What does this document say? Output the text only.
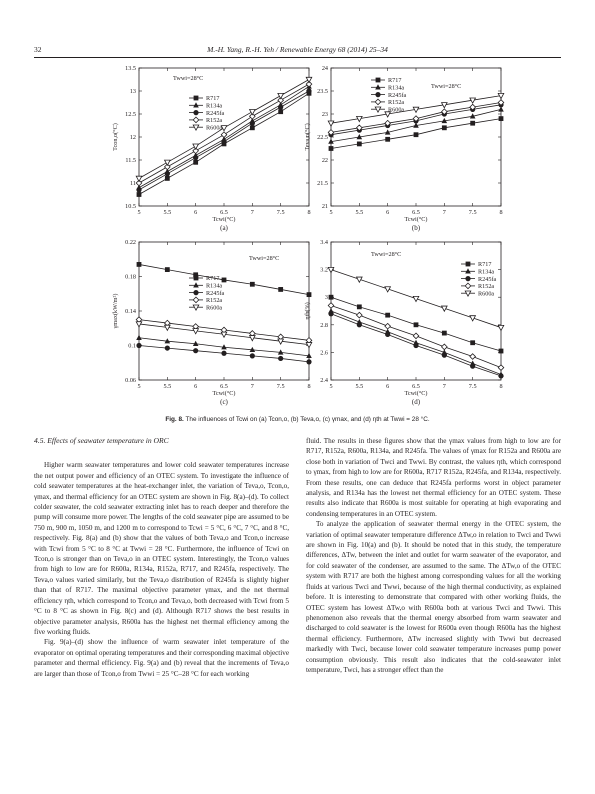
32	M.-H. Yang, R.-H. Yeh / Renewable Energy 68 (2014) 25–34
5	5.5	6	6.5	7	7.5	8
10.5
11
11.5
12
12.5
13
13.5
Tcwi(°C)
(a)
Tcon,o(°C)
R717
R134a
R245fa
R152a
R600a
Twwi=28°C
5	5.5	6	6.5	7	7.5	8
21
21.5
22
22.5
23
23.5
24
Tcwi(°C)
(b)
Teva,o(°C)
R717
R134a
R245fa
R152a
R600a
Twwi=28°C
5	5.5	6	6.5	7	7.5	8
0.06
0.1
0.14
0.18
0.22
Tcwi(°C)
(c)
γmax(kW/m²)
R717
R134a
R245fa
R152a
R600a
Twwi=28°C
5	5.5	6	6.5	7	7.5	8
2.4
2.6
2.8
3
3.2
3.4
Tcwi(°C)
(d)
ηth(%)
R717
R134a
R245fa
R152a
R600a
Twwi=28°C
Fig. 8. The influences of Tcwi on (a) Tcon,o, (b) Teva,o, (c) γmax, and (d) ηth at Twwi = 28 °C.
4.5. Effects of seawater temperature in ORC

Higher warm seawater temperatures and lower cold seawater temperatures increase the net output power and efficiency of an OTEC system. To investigate the influence of cold seawater temperatures at the heat-exchanger inlet, the variation of Teva,o, Tcon,o, γmax, and thermal efficiency for an OTEC system are shown in Fig. 8(a)–(d). To collect colder seawater, the cold seawater extracting inlet has to reach deeper and therefore the pump will consume more power. The lengths of the cold seawater pipe are assumed to be 750 m, 900 m, 1050 m, and 1200 m to correspond to Tcwi = 5 °C, 6 °C, 7 °C, and 8 °C, respectively. Fig. 8(a) and (b) show that the values of both Teva,o and Tcon,o increase with Tcwi from 5 °C to 8 °C at Twwi = 28 °C. Furthermore, the influence of Tcwi on Tcon,o is stronger than on Teva,o in an OTEC system. Interestingly, the Tcon,o values from high to low are for R600a, R134a, R152a, R717, and R245fa, respectively. The Teva,o values varied similarly, but the Teva,o distribution of R245fa is slightly higher than that of R717. The maximal objective parameter γmax, and the net thermal efficiency ηth, which correspond to Tcon,o and Teva,o, both decreased with Tcwi from 5 °C to 8 °C as shown in Fig. 8(c) and (d). Although R717 shows the best results in objective parameter analysis, R600a has the highest net thermal efficiency among the five working fluids.

Fig. 9(a)–(d) show the influence of warm seawater inlet temperature of the evaporator on optimal operating temperatures and their corresponding maximal objective parameter and thermal efficiency. Fig. 9(a) and (b) reveal that the increments of Teva,o are larger than those of Tcon,o from Twwi = 25 °C–28 °C for each working

fluid. The results in these figures show that the γmax values from high to low are for R717, R152a, R600a, R134a, and R245fa. The values of γmax for R152a and R600a are close both in variation of Twci and Twwi. By contrast, the values ηth, which correspond to γmax, from high to low are for R600a, R717 R152a, R245fa, and R134a, respectively. From these results, one can deduce that R245fa performs worst in object parameter analysis, and R134a has the lowest net thermal efficiency for an OTEC system. These results also indicate that R600a is most suitable for operating at high evaporating and condensing temperatures in an OTEC system.

To analyze the application of seawater thermal energy in the OTEC system, the variation of optimal seawater temperature difference ΔTw,o in relation to Twci and Twwi are shown in Fig. 10(a) and (b). It should be noted that in this study, the temperature differences, ΔTw, between the inlet and outlet for warm seawater of the evaporator, and for cold seawater of the condenser, are assumed to the same. The ΔTw,o of the OTEC system with R717 are both the highest among corresponding values for all the working fluids at various Twci and Twwi, because of the high thermal conductivity, as explained before. It is interesting to demonstrate that compared with other working fluids, the OTEC system has lowest ΔTw,o with R600a both at various Twci and Twwi. This phenomenon also reveals that the thermal energy absorbed from warm seawater and discharged to cold seawater is the lowest for R600a even though R600a has the highest thermal efficiency. Furthermore, ΔTw increased slightly with Twwi but decreased markedly with Twci, because lower cold seawater temperature increases pump power consumption obviously. This result also indicates that the cold-seawater inlet temperature, Twci, has a stronger effect than the
